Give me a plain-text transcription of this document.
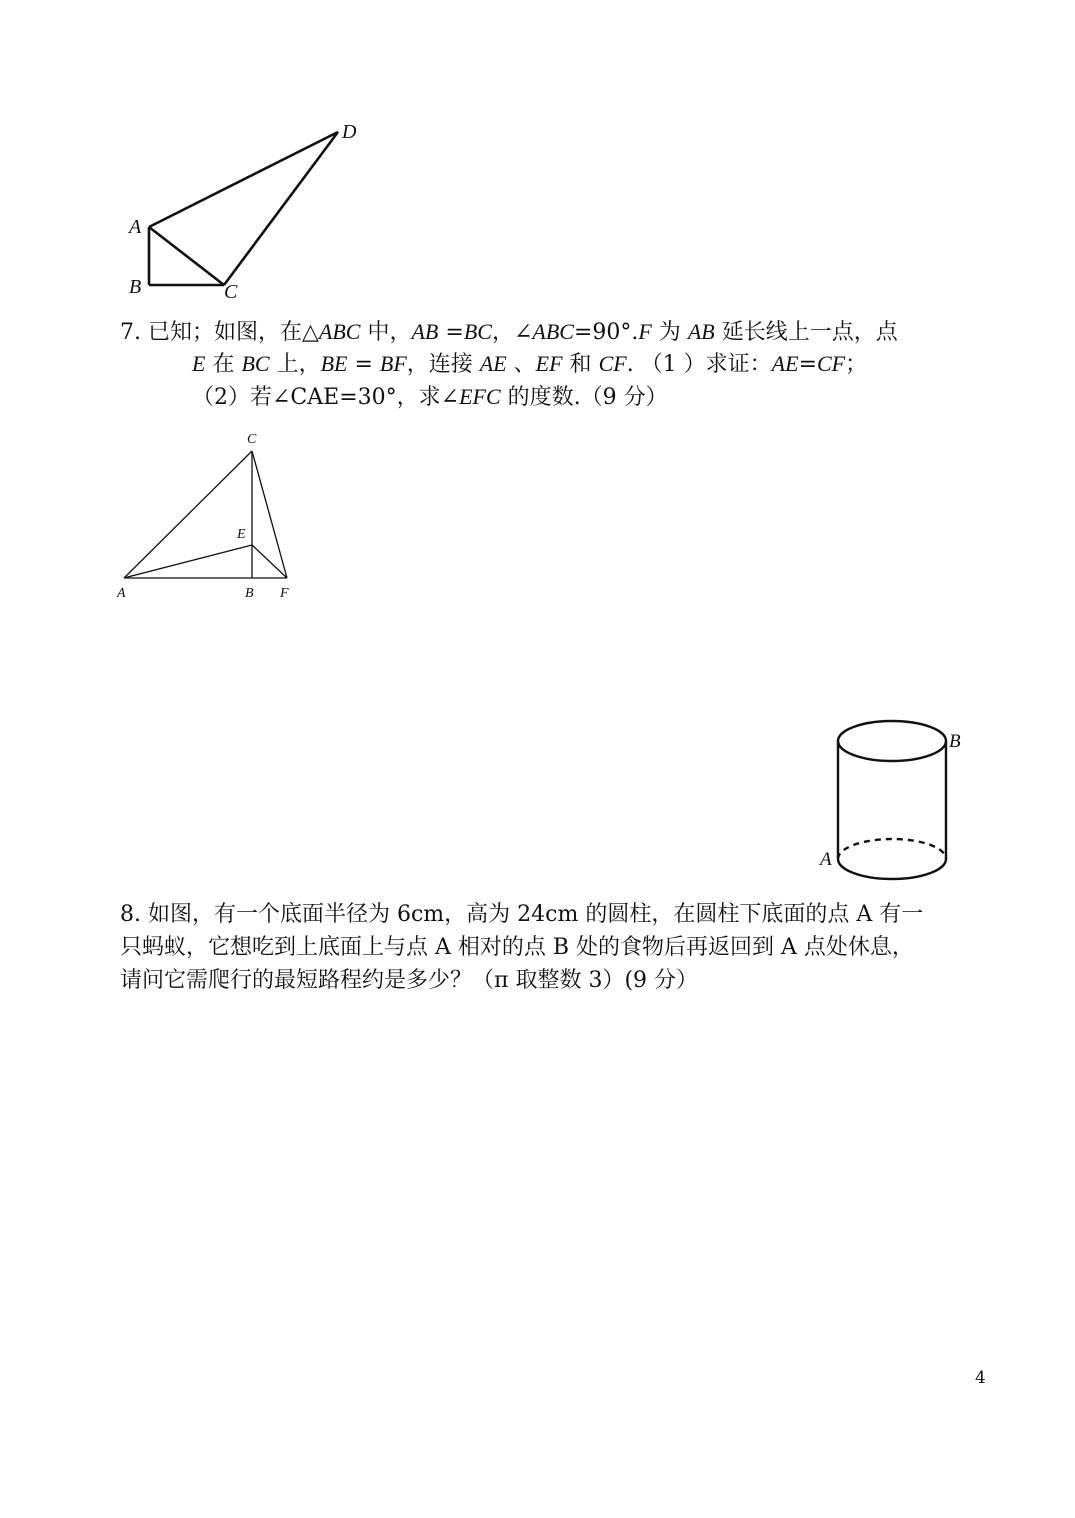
A
B	C
D
7. 已知；如图，在△ABC 中，AB =BC，∠ABC=90°.F 为 AB 延长线上一点，点
E 在 BC 上，BE = BF，连接 AE 、EF 和 CF. （1 ）求证：AE=CF；
（2）若∠CAE=30°，求∠EFC 的度数.（9 分）
C
E
A	B F
B
A
8. 如图，有一个底面半径为 6cm，高为 24cm 的圆柱，在圆柱下底面的点 A 有一
只蚂蚁，它想吃到上底面上与点 A 相对的点 B 处的食物后再返回到 A 点处休息，
请问它需爬行的最短路程约是多少？（π 取整数 3）(9 分）
4
